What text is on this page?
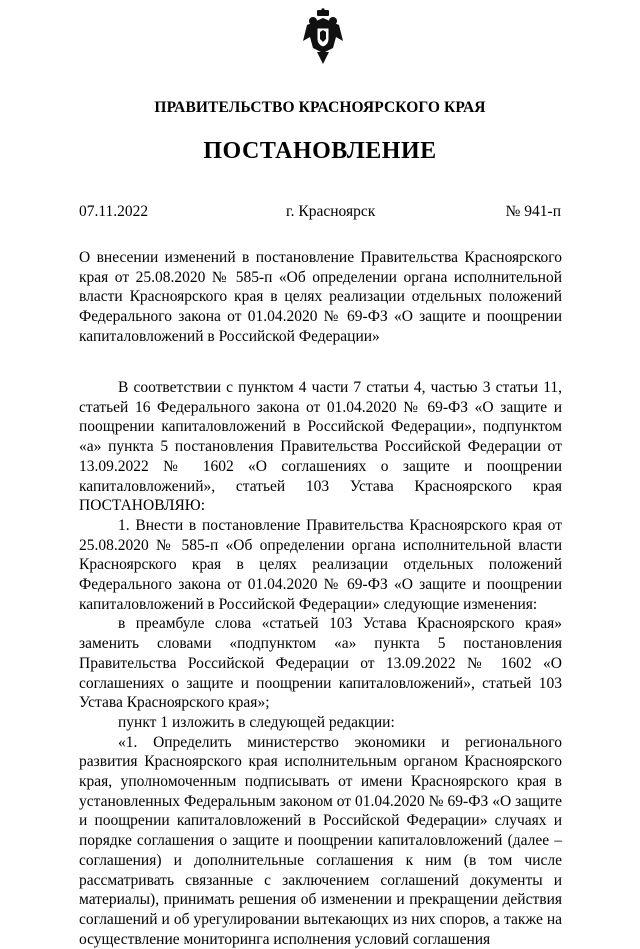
ПРАВИТЕЛЬСТВО КРАСНОЯРСКОГО КРАЯ
ПОСТАНОВЛЕНИЕ
07.11.2022	г. Красноярск	№ 941-п

О внесении изменений в постановление Правительства Красноярского края от 25.08.2020 № 585-п «Об определении органа исполнительной власти Красноярского края в целях реализации отдельных положений Федерального закона от 01.04.2020 № 69-ФЗ «О защите и поощрении капиталовложений в Российской Федерации»

В соответствии с пунктом 4 части 7 статьи 4, частью 3 статьи 11, статьей 16 Федерального закона от 01.04.2020 № 69-ФЗ «О защите и поощрении капиталовложений в Российской Федерации», подпунктом «а» пункта 5 постановления Правительства Российской Федерации от 13.09.2022 № 1602 «О соглашениях о защите и поощрении капиталовложений», статьей 103 Устава Красноярского края ПОСТАНОВЛЯЮ:

1. Внести в постановление Правительства Красноярского края от 25.08.2020 № 585-п «Об определении органа исполнительной власти Красноярского края в целях реализации отдельных положений Федерального закона от 01.04.2020 № 69-ФЗ «О защите и поощрении капиталовложений в Российской Федерации» следующие изменения:

в преамбуле слова «статьей 103 Устава Красноярского края» заменить словами «подпунктом «а» пункта 5 постановления Правительства Российской Федерации от 13.09.2022 № 1602 «О соглашениях о защите и поощрении капиталовложений», статьей 103 Устава Красноярского края»;

пункт 1 изложить в следующей редакции:

«1. Определить министерство экономики и регионального развития Красноярского края исполнительным органом Красноярского края, уполномоченным подписывать от имени Красноярского края в установленных Федеральным законом от 01.04.2020 № 69-ФЗ «О защите и поощрении капиталовложений в Российской Федерации» случаях и порядке соглашения о защите и поощрении капиталовложений (далее – соглашения) и дополнительные соглашения к ним (в том числе рассматривать связанные с заключением соглашений документы и материалы), принимать решения об изменении и прекращении действия соглашений и об урегулировании вытекающих из них споров, а также на осуществление мониторинга исполнения условий соглашения
